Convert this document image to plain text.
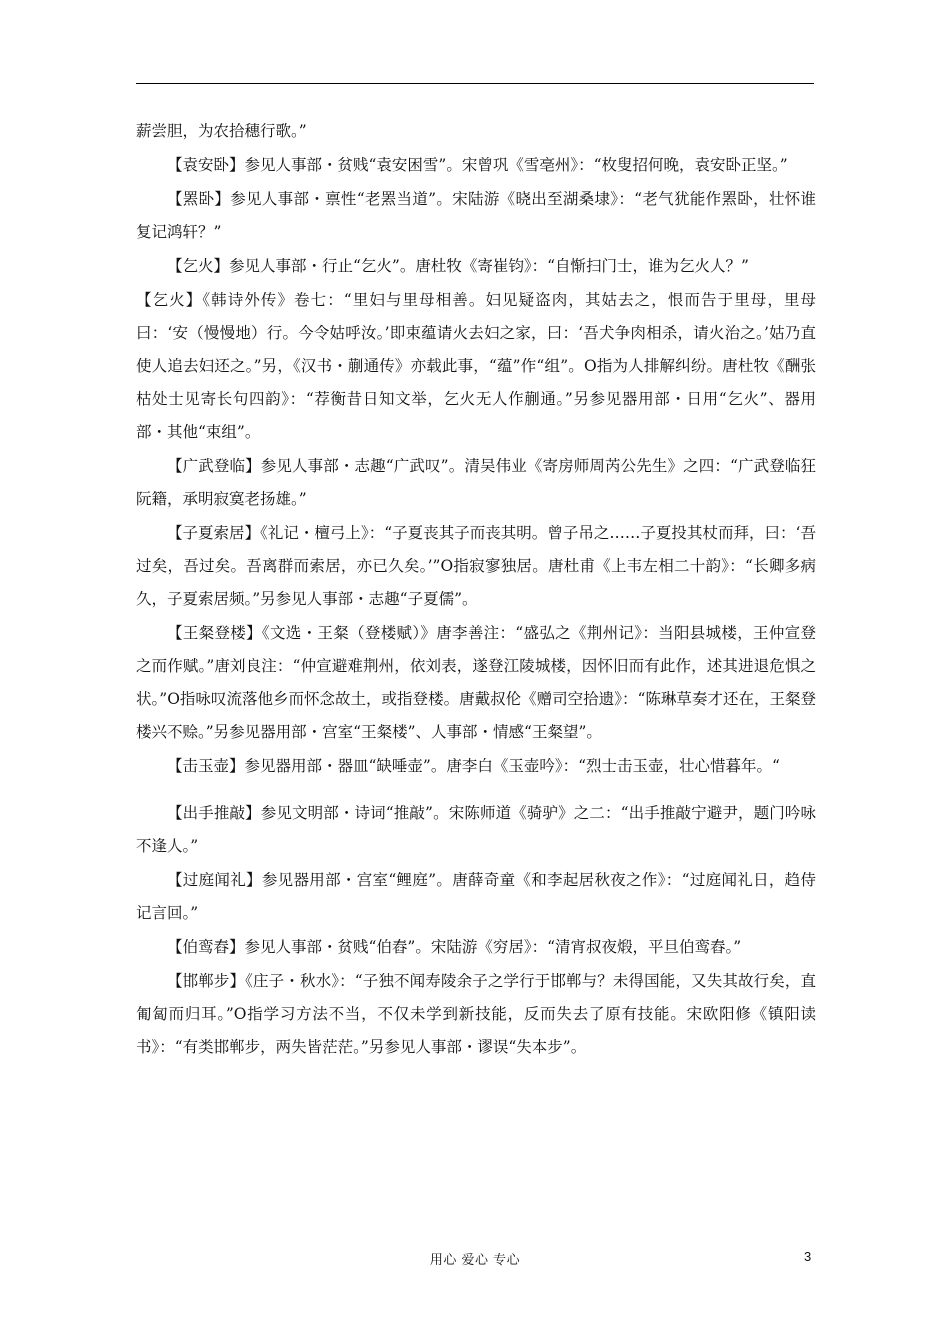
薪尝胆，为农拾穗行歌。”

【袁安卧】参见人事部・贫贱“袁安困雪”。宋曾巩《雪亳州》：“枚叟招何晚，袁安卧正坚。”

【罴卧】参见人事部・禀性“老罴当道”。宋陆游《晓出至湖桑埭》：“老气犹能作罴卧，壮怀谁复记鸿轩？”

【乞火】参见人事部・行止“乞火”。唐杜牧《寄崔钧》：“自惭扫门士，谁为乞火人？”

【乞火】《韩诗外传》卷七：“里妇与里母相善。妇见疑盗肉，其姑去之，恨而告于里母，里母曰：‘安（慢慢地）行。今令姑呼汝。’即束蕴请火去妇之家，曰：‘吾犬争肉相杀，请火治之。’姑乃直使人追去妇还之。”另，《汉书・蒯通传》亦载此事，“蕴”作“组”。O指为人排解纠纷。唐杜牧《酬张枯处士见寄长句四韵》：“荐衡昔日知文举，乞火无人作蒯通。”另参见器用部・日用“乞火”、器用部・其他“束组”。

【广武登临】参见人事部・志趣“广武叹”。清吴伟业《寄房师周芮公先生》之四：“广武登临狂阮籍，承明寂寞老扬雄。”

【子夏索居】《礼记・檀弓上》：“子夏丧其子而丧其明。曾子吊之……子夏投其杖而拜，曰：‘吾过矣，吾过矣。吾离群而索居，亦已久矣。’”O指寂寥独居。唐杜甫《上韦左相二十韵》：“长卿多病久，子夏索居频。”另参见人事部・志趣“子夏儒”。

【王粲登楼】《文选・王粲（登楼赋）》唐李善注：“盛弘之《荆州记》：当阳县城楼，王仲宣登之而作赋。”唐刘良注：“仲宣避难荆州，依刘表，遂登江陵城楼，因怀旧而有此作，述其进退危惧之状。”O指咏叹流落他乡而怀念故土，或指登楼。唐戴叔伦《赠司空拾遗》：“陈琳草奏才还在，王粲登楼兴不赊。”另参见器用部・宫室“王粲楼”、人事部・情感“王粲望”。

【击玉壶】参见器用部・器皿“缺唾壶”。唐李白《玉壶吟》：“烈士击玉壶，壮心惜暮年。“

【出手推敲】参见文明部・诗词“推敲”。宋陈师道《骑驴》之二：“出手推敲宁避尹，题门吟咏不逢人。”

【过庭闻礼】参见器用部・宫室“鲤庭”。唐薛奇童《和李起居秋夜之作》：“过庭闻礼日，趋侍记言回。”

【伯鸾舂】参见人事部・贫贱“伯舂”。宋陆游《穷居》：“清宵叔夜煅，平旦伯鸾舂。”

【邯郸步】《庄子・秋水》：“子独不闻寿陵余子之学行于邯郸与？未得国能，又失其故行矣，直匍匐而归耳。”O指学习方法不当，不仅未学到新技能，反而失去了原有技能。宋欧阳修《镇阳读书》：“有类邯郸步，两失皆茫茫。”另参见人事部・谬误“失本步”。

用心 爱心 专心	3
